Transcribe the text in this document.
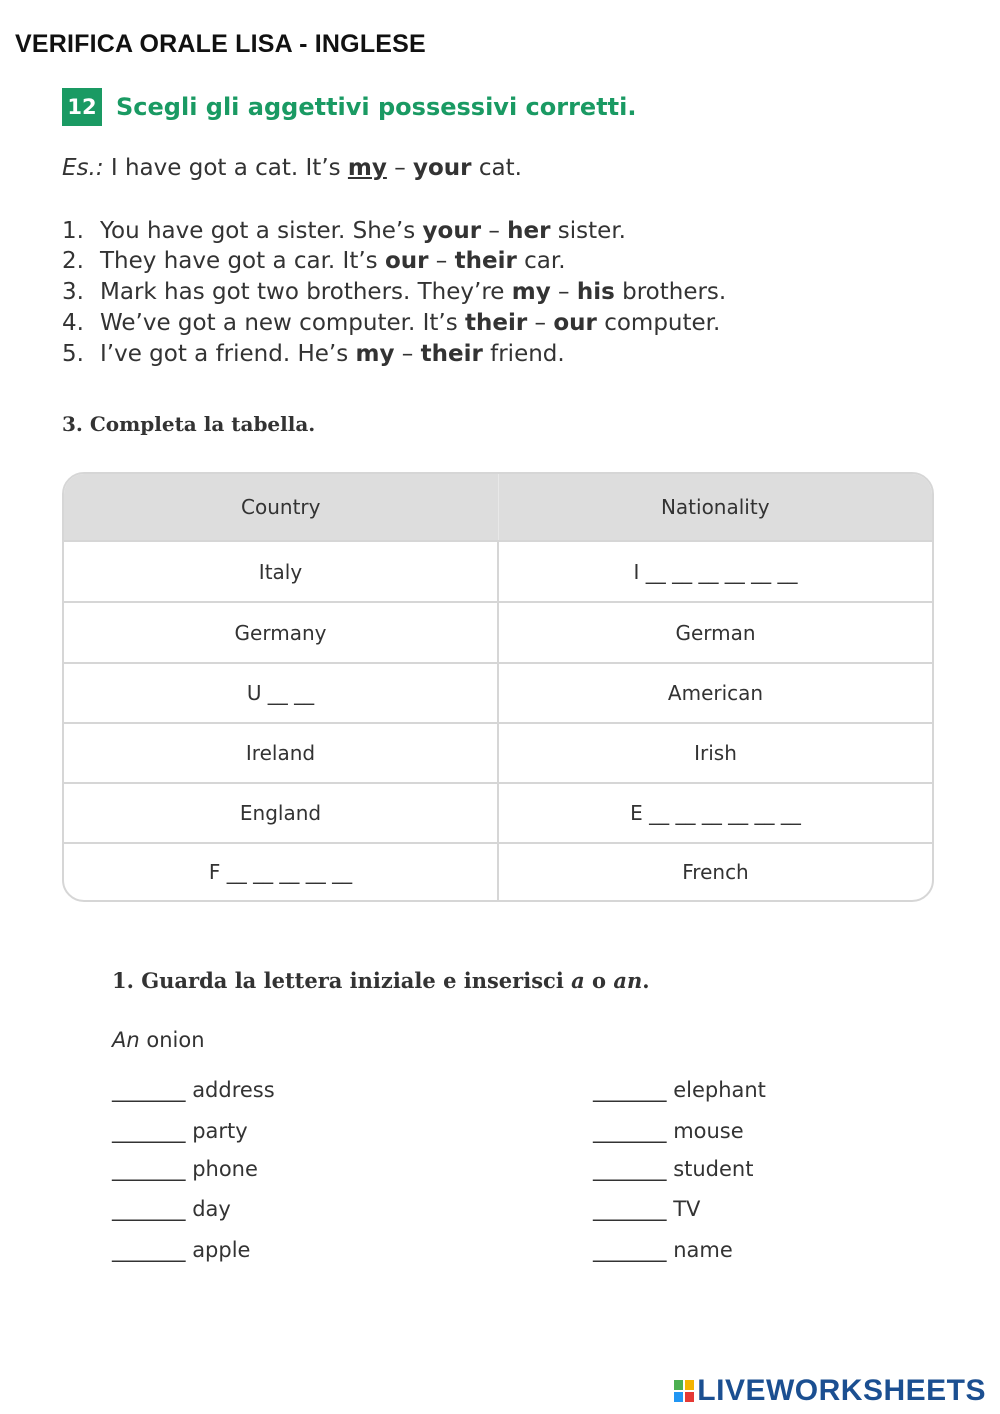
VERIFICA ORALE LISA - INGLESE
12 Scegli gli aggettivi possessivi corretti.
Es.: I have got a cat. It’s my – your cat.
1. You have got a sister. She’s your – her sister.
2. They have got a car. It’s our – their car.
3. Mark has got two brothers. They’re my – his brothers.
4. We’ve got a new computer. It’s their – our computer.
5. I’ve got a friend. He’s my – their friend.
3. Completa la tabella.
Country	Nationality
Italy	I __ __ __ __ __ __
Germany	German
U __ __	American
Ireland	Irish
England	E __ __ __ __ __ __
F __ __ __ __ __	French
1. Guarda la lettera iniziale e inserisci a o an.
An onion
_______ address
_______ party
_______ phone
_______ day
_______ apple
_______ elephant
_______ mouse
_______ student
_______ TV
_______ name
LIVEWORKSHEETS
